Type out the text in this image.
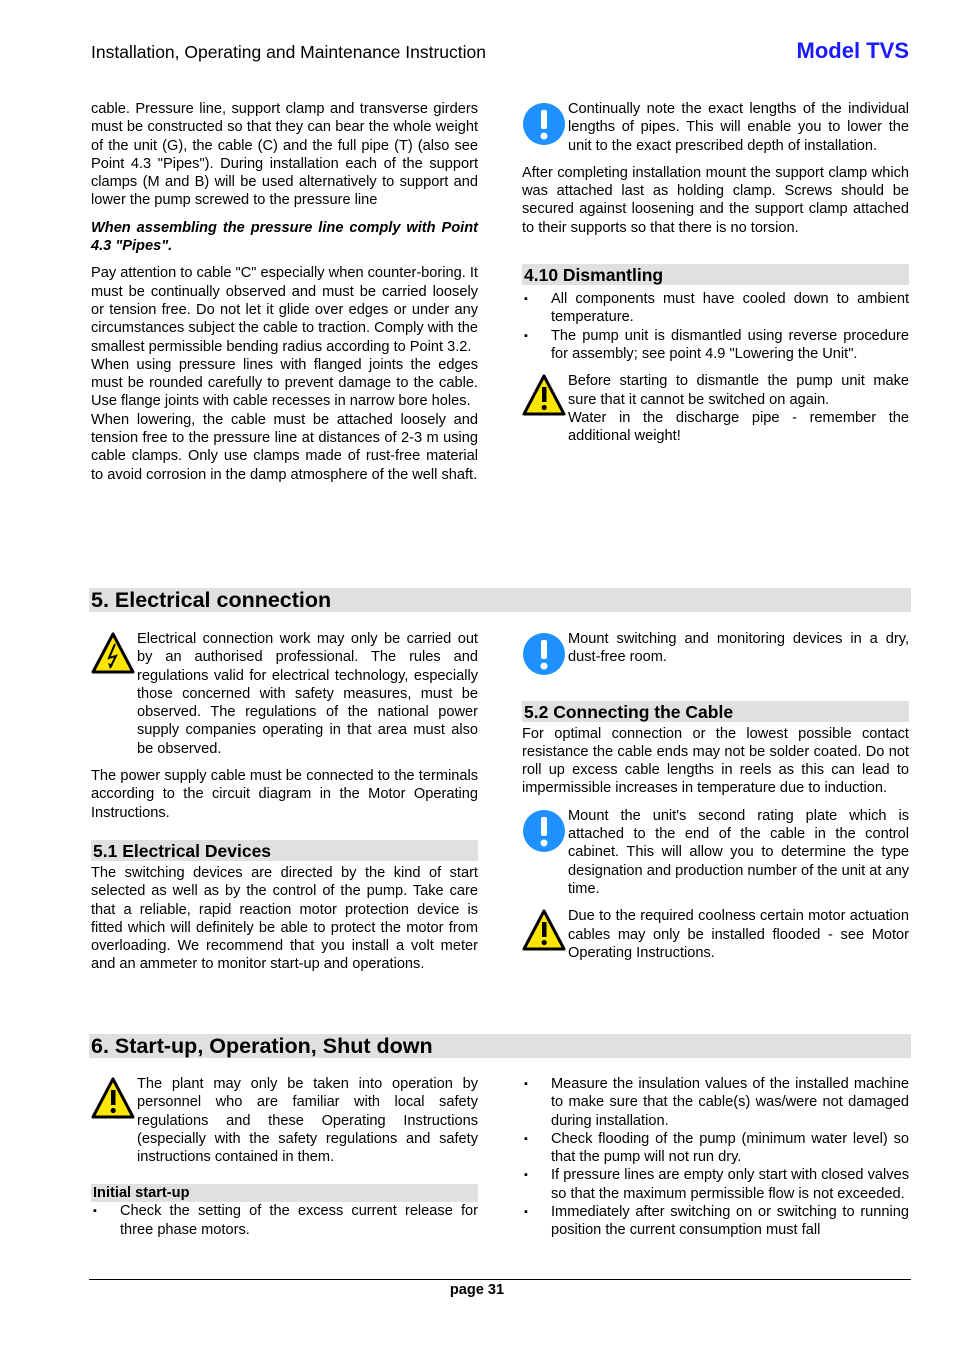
Installation, Operating and Maintenance Instruction	Model TVS

cable. Pressure line, support clamp and transverse girders must be constructed so that they can bear the whole weight of the unit (G), the cable (C) and the full pipe (T) (also see Point 4.3 "Pipes"). During installation each of the support clamps (M and B) will be used alternatively to support and lower the pump screwed to the pressure line

When assembling the pressure line comply with Point 4.3 "Pipes".

Pay attention to cable "C" especially when counter-boring. It must be continually observed and must be carried loosely or tension free. Do not let it glide over edges or under any circumstances subject the cable to traction. Comply with the smallest permissible bending radius according to Point 3.2.

When using pressure lines with flanged joints the edges must be rounded carefully to prevent damage to the cable. Use flange joints with cable recesses in narrow bore holes.

When lowering, the cable must be attached loosely and tension free to the pressure line at distances of 2-3 m using cable clamps. Only use clamps made of rust-free material to avoid corrosion in the damp atmosphere of the well shaft.

Continually note the exact lengths of the individual lengths of pipes. This will enable you to lower the unit to the exact prescribed depth of installation.

After completing installation mount the support clamp which was attached last as holding clamp. Screws should be secured against loosening and the support clamp attached to their supports so that there is no torsion.

4.10 Dismantling
▪ All components must have cooled down to ambient temperature.
▪ The pump unit is dismantled using reverse procedure for assembly; see point 4.9 "Lowering the Unit".

Before starting to dismantle the pump unit make sure that it cannot be switched on again.

Water in the discharge pipe - remember the additional weight!

5. Electrical connection

Electrical connection work may only be carried out by an authorised professional. The rules and regulations valid for electrical technology, especially those concerned with safety measures, must be observed. The regulations of the national power supply companies operating in that area must also be observed.

The power supply cable must be connected to the terminals according to the circuit diagram in the Motor Operating Instructions.

5.1 Electrical Devices

The switching devices are directed by the kind of start selected as well as by the control of the pump. Take care that a reliable, rapid reaction motor protection device is fitted which will definitely be able to protect the motor from overloading. We recommend that you install a volt meter and an ammeter to monitor start-up and operations.

Mount switching and monitoring devices in a dry, dust-free room.

5.2 Connecting the Cable

For optimal connection or the lowest possible contact resistance the cable ends may not be solder coated. Do not roll up excess cable lengths in reels as this can lead to impermissible increases in temperature due to induction.

Mount the unit's second rating plate which is attached to the end of the cable in the control cabinet. This will allow you to determine the type designation and production number of the unit at any time.

Due to the required coolness certain motor actuation cables may only be installed flooded - see Motor Operating Instructions.

6. Start-up, Operation, Shut down

The plant may only be taken into operation by personnel who are familiar with local safety regulations and these Operating Instructions (especially with the safety regulations and safety instructions contained in them.

Initial start-up
▪ Check the setting of the excess current release for three phase motors.
▪ Measure the insulation values of the installed machine to make sure that the cable(s) was/were not damaged during installation.
▪ Check flooding of the pump (minimum water level) so that the pump will not run dry.
▪ If pressure lines are empty only start with closed valves so that the maximum permissible flow is not exceeded.
▪ Immediately after switching on or switching to running position the current consumption must fall
page 31
